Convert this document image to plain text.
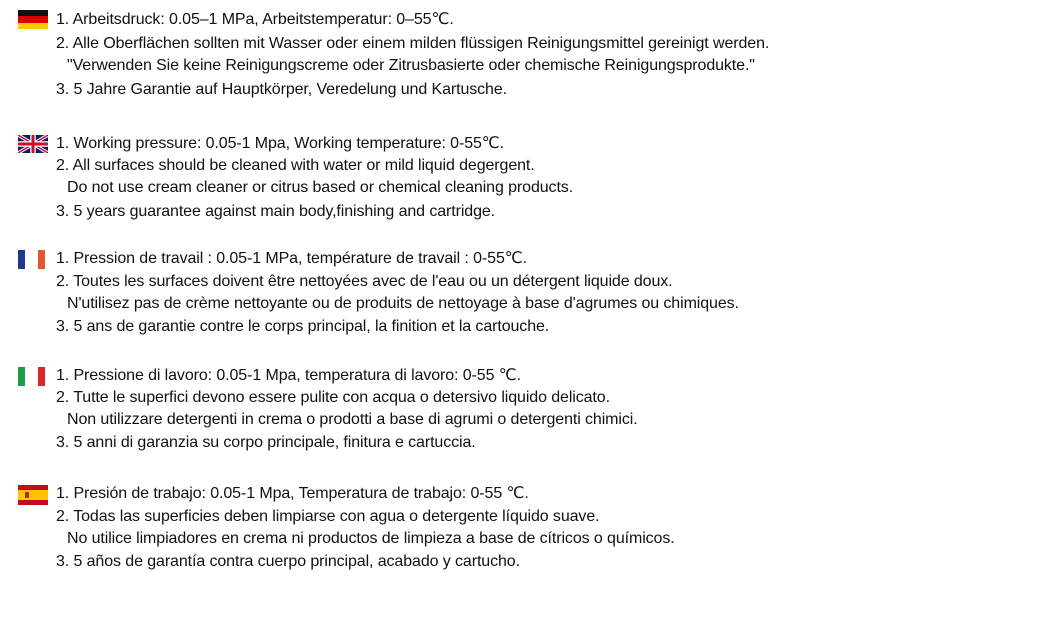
1. Arbeitsdruck: 0.05–1 MPa, Arbeitstemperatur: 0–55℃.
2. Alle Oberflächen sollten mit Wasser oder einem milden flüssigen Reinigungsmittel gereinigt werden.
"Verwenden Sie keine Reinigungscreme oder Zitrusbasierte oder chemische Reinigungsprodukte."
3. 5 Jahre Garantie auf Hauptkörper, Veredelung und Kartusche.
1. Working pressure: 0.05-1 Mpa, Working temperature: 0-55℃.
2. All surfaces should be cleaned with water or mild liquid degergent.
Do not use cream cleaner or citrus based or chemical cleaning products.
3. 5 years guarantee against main body,finishing and cartridge.
1. Pression de travail : 0.05-1 MPa, température de travail : 0-55℃.
2. Toutes les surfaces doivent être nettoyées avec de l'eau ou un détergent liquide doux.
N'utilisez pas de crème nettoyante ou de produits de nettoyage à base d'agrumes ou chimiques.
3. 5 ans de garantie contre le corps principal, la finition et la cartouche.
1. Pressione di lavoro: 0.05-1 Mpa, temperatura di lavoro: 0-55 ℃.
2. Tutte le superfici devono essere pulite con acqua o detersivo liquido delicato.
Non utilizzare detergenti in crema o prodotti a base di agrumi o detergenti chimici.
3. 5 anni di garanzia su corpo principale, finitura e cartuccia.
1. Presión de trabajo: 0.05-1 Mpa, Temperatura de trabajo: 0-55 ℃.
2. Todas las superficies deben limpiarse con agua o detergente líquido suave.
No utilice limpiadores en crema ni productos de limpieza a base de cítricos o químicos.
3. 5 años de garantía contra cuerpo principal, acabado y cartucho.
